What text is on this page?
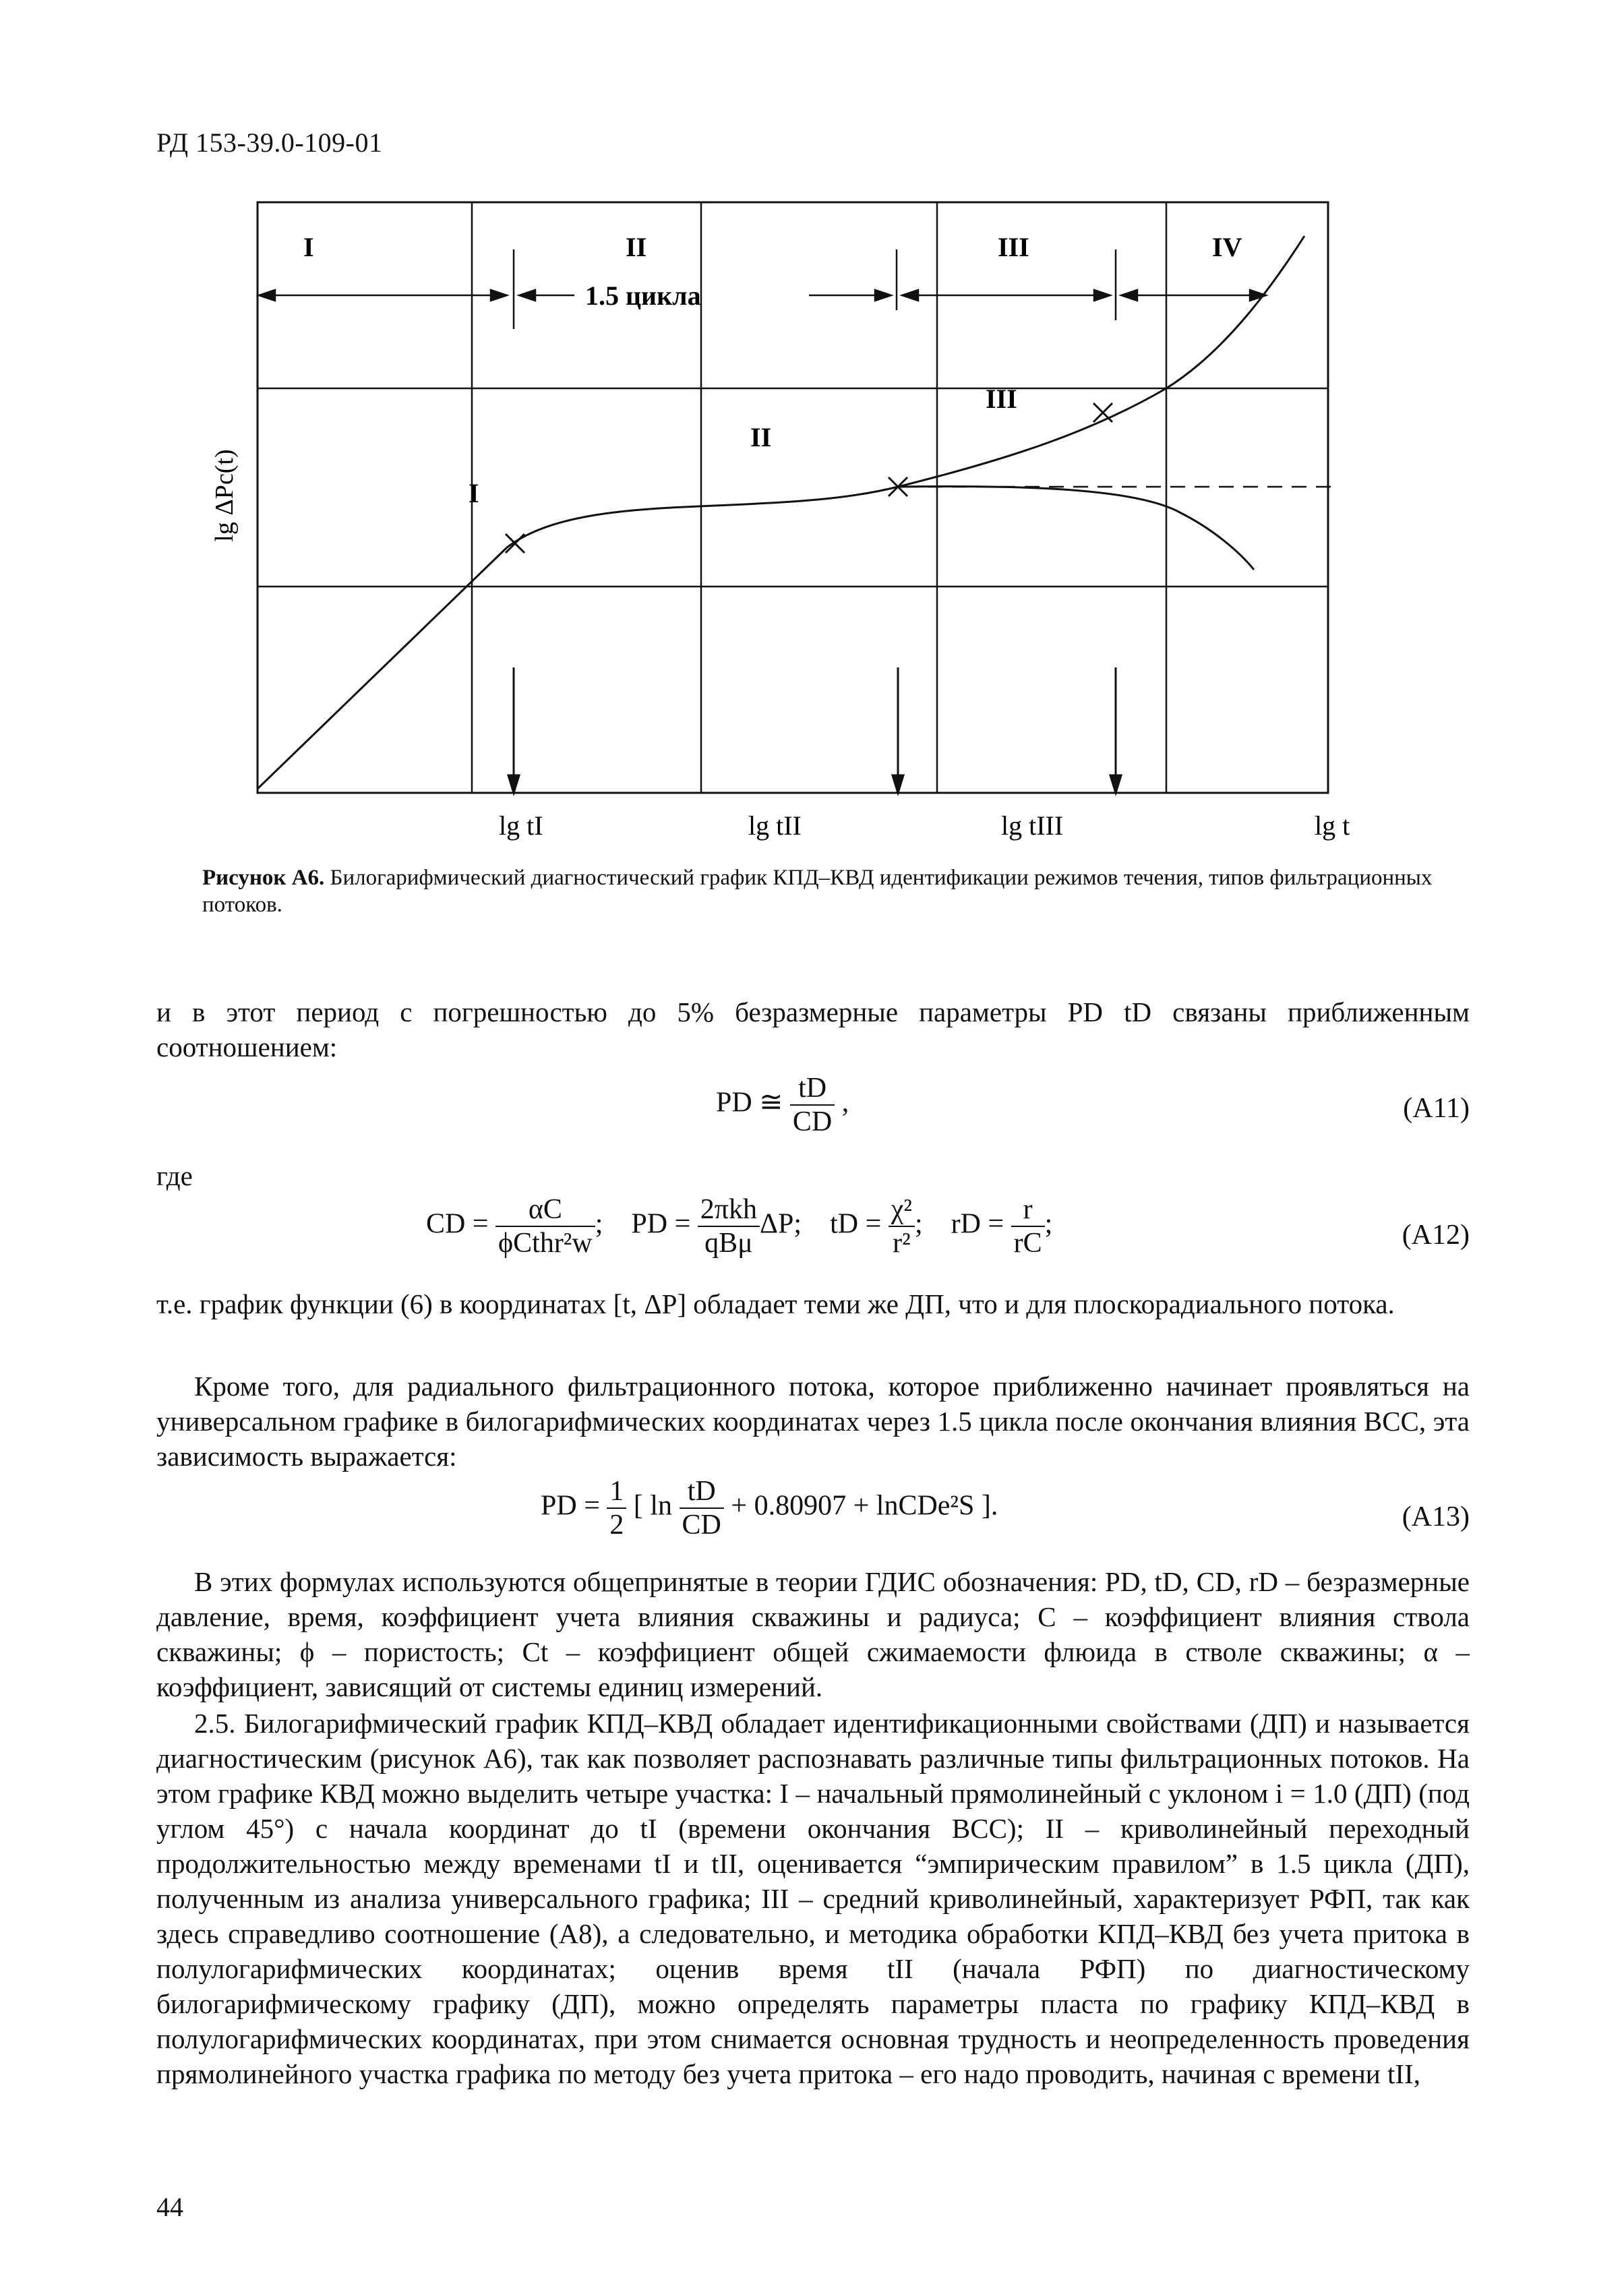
РД 153-39.0-109-01
I	II	III	IV
1.5 цикла
lg ΔPc(t)	I
II
III
lg tI	lg tII	lg tIII	lg t
Рисунок А6. Билогарифмический диагностический график КПД–КВД идентификации режимов течения, типов фильтрационных потоков.
и в этот период с погрешностью до 5% безразмерные параметры PD tD связаны приближенным соотношением:
PD ≅ $\frac{tD}{CD}$ ,	(A11)
где
CD = $\frac{\alpha C}{\text{ϕCthr²w}}$ ; PD = $\frac{\text{2πkh}}{\text{qBμ}} \Delta P$; tD = $\frac{\text{χ²}}{\text{r²}}$ ; rD = $\frac{r}{rC}$ ;	(A12)
т.е. график функции (6) в координатах [t, ΔP] обладает теми же ДП, что и для плоскорадиального потока.
Кроме того, для радиального фильтрационного потока, которое приближенно начинает проявляться на универсальном графике в билогарифмических координатах через 1.5 цикла после окончания влияния ВСС, эта зависимость выражается:
PD = $\frac{1}{2}$ [ $\ln \frac{tD}{CD} + 0.80907$ + lnCDe²S ].	(A13)
В этих формулах используются общепринятые в теории ГДИС обозначения: PD, tD, CD, rD – безразмерные давление, время, коэффициент учета влияния скважины и радиуса; C – коэффициент влияния ствола скважины; ϕ – пористость; Ct – коэффициент общей сжимаемости флюида в стволе скважины; α – коэффициент, зависящий от системы единиц измерений.
2.5. Билогарифмический график КПД–КВД обладает идентификационными свойствами (ДП) и называется диагностическим (рисунок А6), так как позволяет распознавать различные типы фильтрационных потоков. На этом графике КВД можно выделить четыре участка: I – начальный прямолинейный с уклоном i = 1.0 (ДП) (под углом 45°) с начала координат до tI (времени окончания ВСС); II – криволинейный переходный продолжительностью между временами tI и tII, оценивается “эмпирическим правилом” в 1.5 цикла (ДП), полученным из анализа универсального графика; III – средний криволинейный, характеризует РФП, так как здесь справедливо соотношение (A8), а следовательно, и методика обработки КПД–КВД без учета притока в полулогарифмических координатах; оценив время tII (начала РФП) по диагностическому билогарифмическому графику (ДП), можно определять параметры пласта по графику КПД–КВД в полулогарифмических координатах, при этом снимается основная трудность и неопределенность проведения прямолинейного участка графика по методу без учета притока – его надо проводить, начиная с времени tII,
44
